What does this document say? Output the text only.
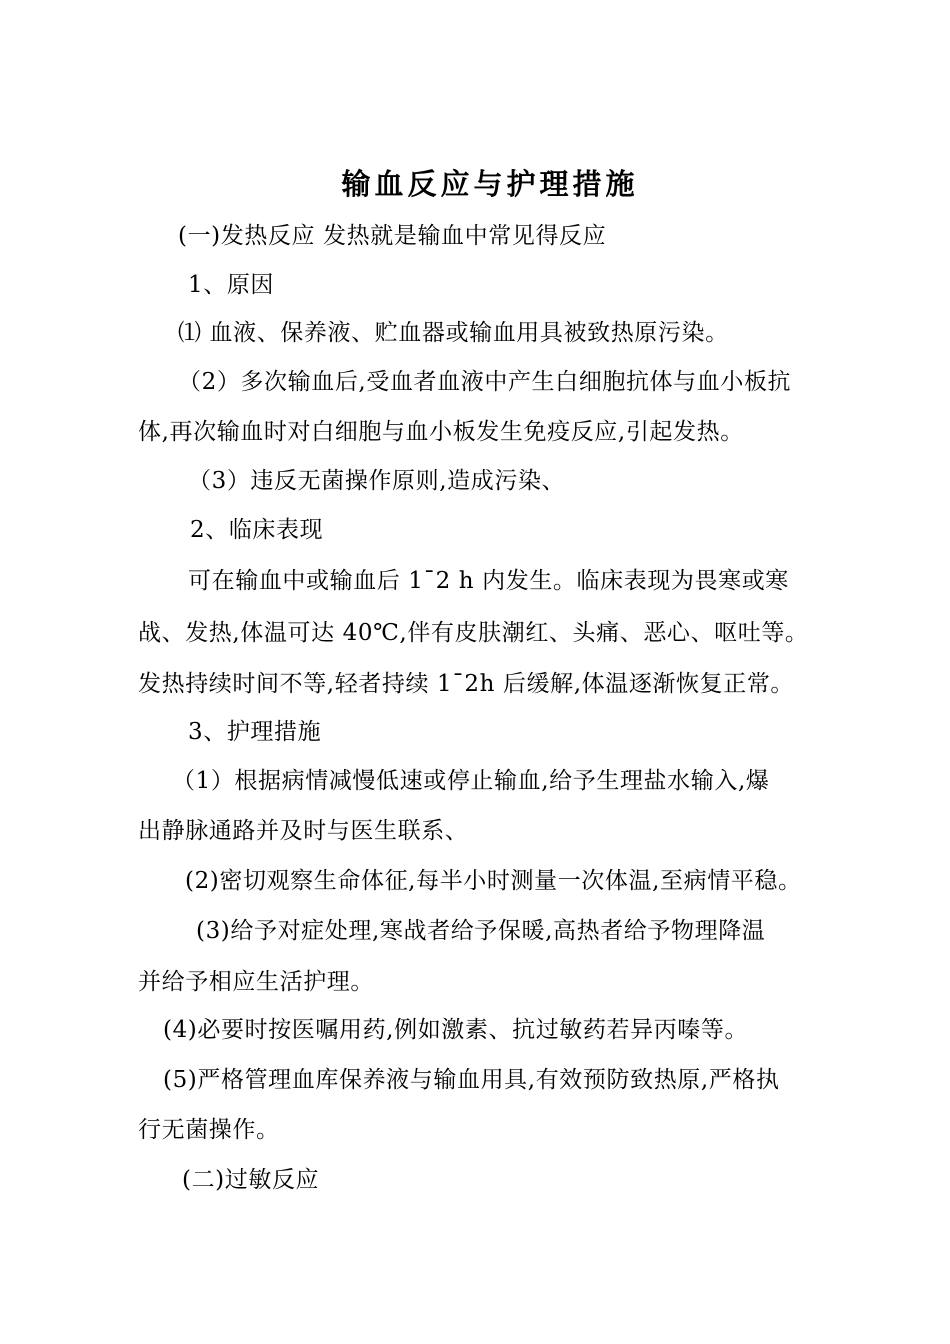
输血反应与护理措施
(一)发热反应 发热就是输血中常见得反应
1、原因
⑴ 血液、保养液、贮血器或输血用具被致热原污染。
（2）多次输血后,受血者血液中产生白细胞抗体与血小板抗
体,再次输血时对白细胞与血小板发生免疫反应,引起发热。
（3）违反无菌操作原则,造成污染、
2、临床表现
可在输血中或输血后 1¯2 h 内发生。临床表现为畏寒或寒
战、发热,体温可达 40℃,伴有皮肤潮红、头痛、恶心、呕吐等。
发热持续时间不等,轻者持续 1¯2h 后缓解,体温逐渐恢复正常。
3、护理措施
（1）根据病情减慢低速或停止输血,给予生理盐水输入,爆
出静脉通路并及时与医生联系、
(2)密切观察生命体征,每半小时测量一次体温,至病情平稳。
(3)给予对症处理,寒战者给予保暖,高热者给予物理降温
并给予相应生活护理。
(4)必要时按医嘱用药,例如激素、抗过敏药若异丙嗪等。
(5)严格管理血库保养液与输血用具,有效预防致热原,严格执
行无菌操作。
(二)过敏反应
